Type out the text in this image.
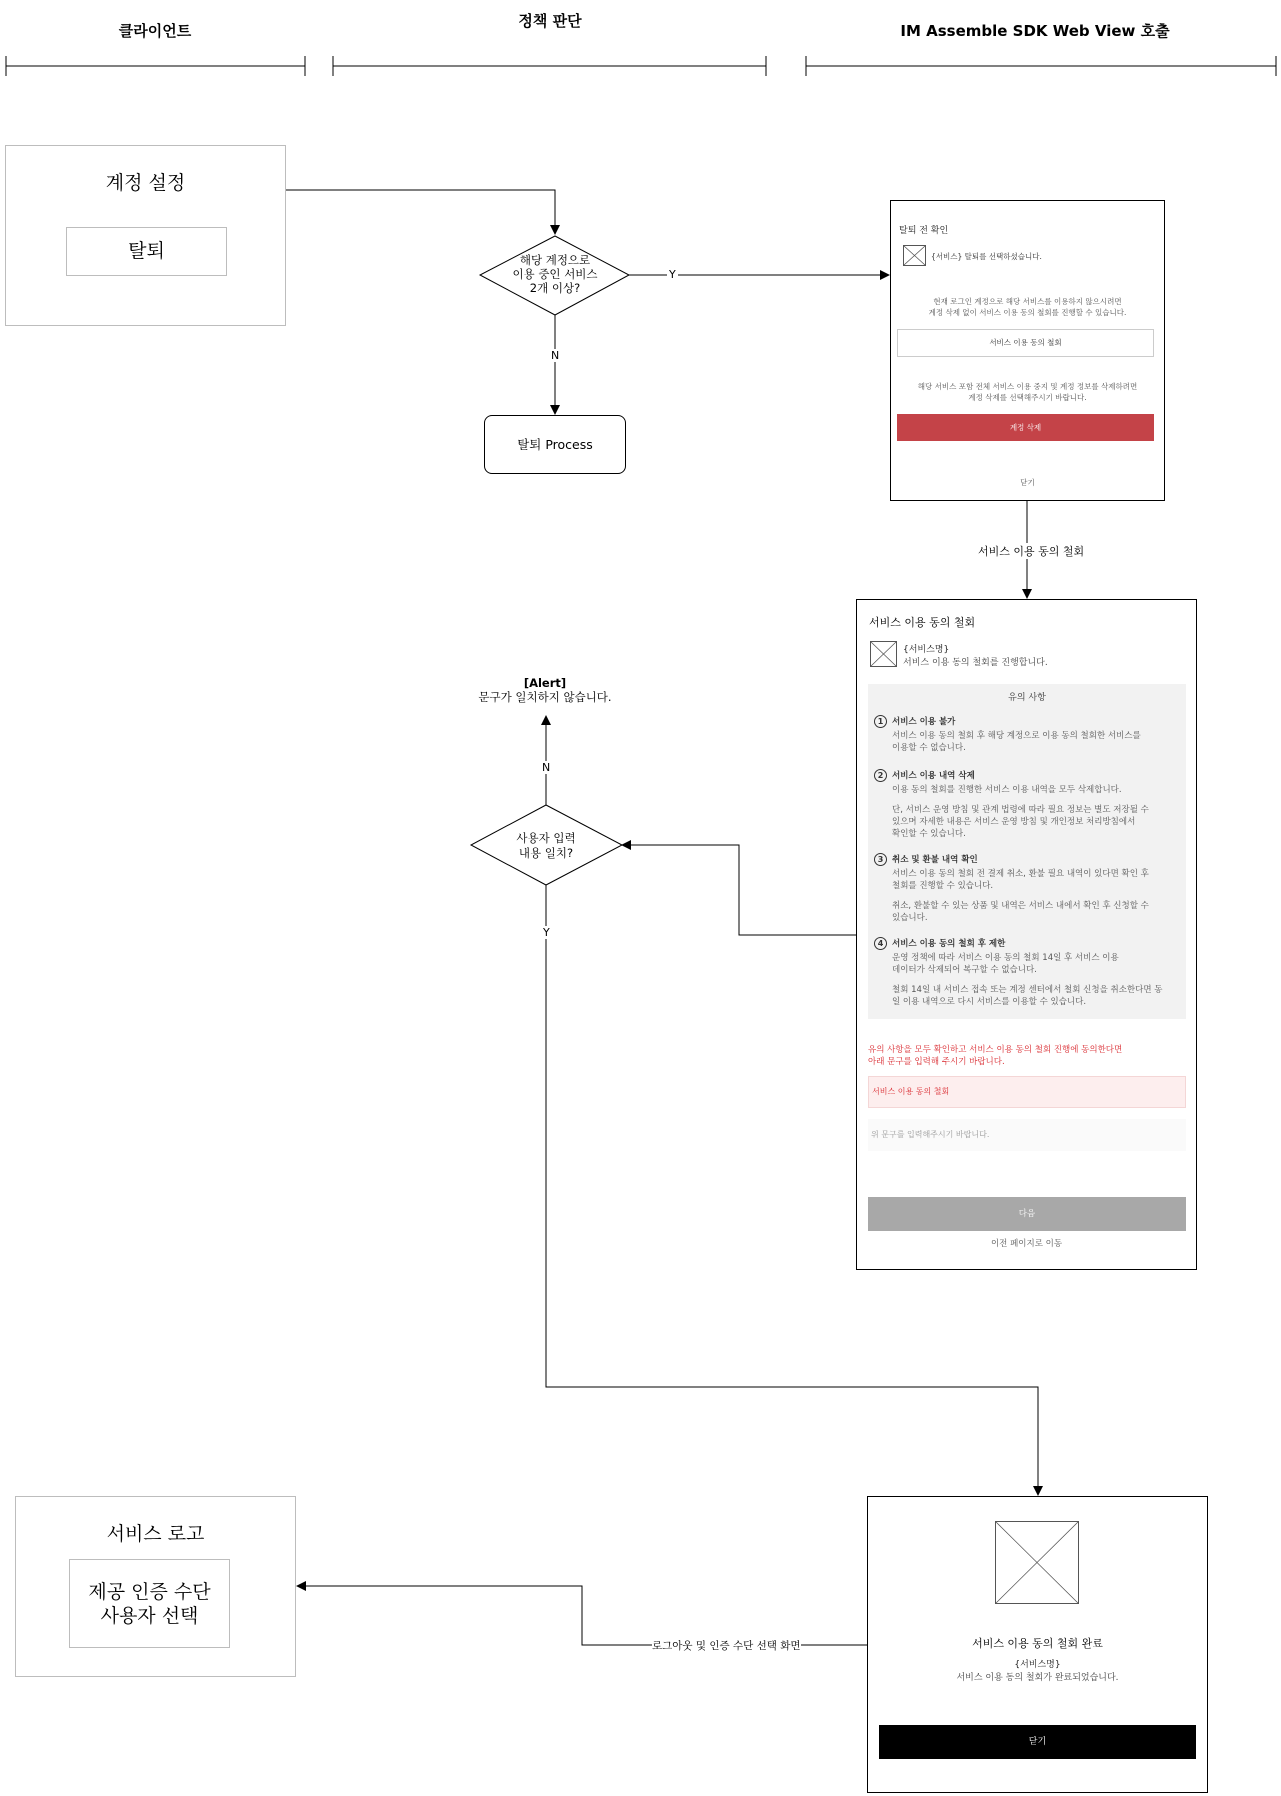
클라이언트
정책 판단
IM Assemble SDK Web View 호출
계정 설정
탈퇴	해당 계정으로
이용 중인 서비스
2개 이상?
Y
N
탈퇴 Process
탈퇴 전 확인
{서비스} 탈퇴를 선택하셨습니다.
현재 로그인 계정으로 해당 서비스를 이용하지 않으시려면
계정 삭제 없이 서비스 이용 동의 철회를 진행할 수 있습니다.
서비스 이용 동의 철회
해당 서비스 포함 전체 서비스 이용 중지 및 계정 정보를 삭제하려면
계정 삭제를 선택해주시기 바랍니다.
계정 삭제
닫기
서비스 이용 동의 철회
서비스 이용 동의 철회
{서비스명}
서비스 이용 동의 철회를 진행합니다.
유의 사항
1 서비스 이용 불가
서비스 이용 동의 철회 후 해당 계정으로 이용 동의 철회한 서비스를
이용할 수 없습니다.
2 서비스 이용 내역 삭제
이용 동의 철회를 진행한 서비스 이용 내역을 모두 삭제합니다.
단, 서비스 운영 방침 및 관계 법령에 따라 필요 정보는 별도 저장될 수
있으며 자세한 내용은 서비스 운영 방침 및 개인정보 처리방침에서
확인할 수 있습니다.
3 취소 및 환불 내역 확인
서비스 이용 동의 철회 전 결제 취소, 환불 필요 내역이 있다면 확인 후
철회를 진행할 수 있습니다.
취소, 환불할 수 있는 상품 및 내역은 서비스 내에서 확인 후 신청할 수
있습니다.
4 서비스 이용 동의 철회 후 제한
운영 정책에 따라 서비스 이용 동의 철회 14일 후 서비스 이용
데이터가 삭제되어 복구할 수 없습니다.
철회 14일 내 서비스 접속 또는 계정 센터에서 철회 신청을 취소한다면 동
일 이용 내역으로 다시 서비스를 이용할 수 있습니다.
유의 사항을 모두 확인하고 서비스 이용 동의 철회 진행에 동의한다면
아래 문구를 입력해 주시기 바랍니다.
서비스 이용 동의 철회
위 문구를 입력해주시기 바랍니다.
다음
이전 페이지로 이동
[Alert]
문구가 일치하지 않습니다.
사용자 입력
내용 일치?
N
Y
서비스 로고
제공 인증 수단
사용자 선택
로그아웃 및 인증 수단 선택 화면	서비스 이용 동의 철회 완료
{서비스명}
서비스 이용 동의 철회가 완료되었습니다.
닫기
